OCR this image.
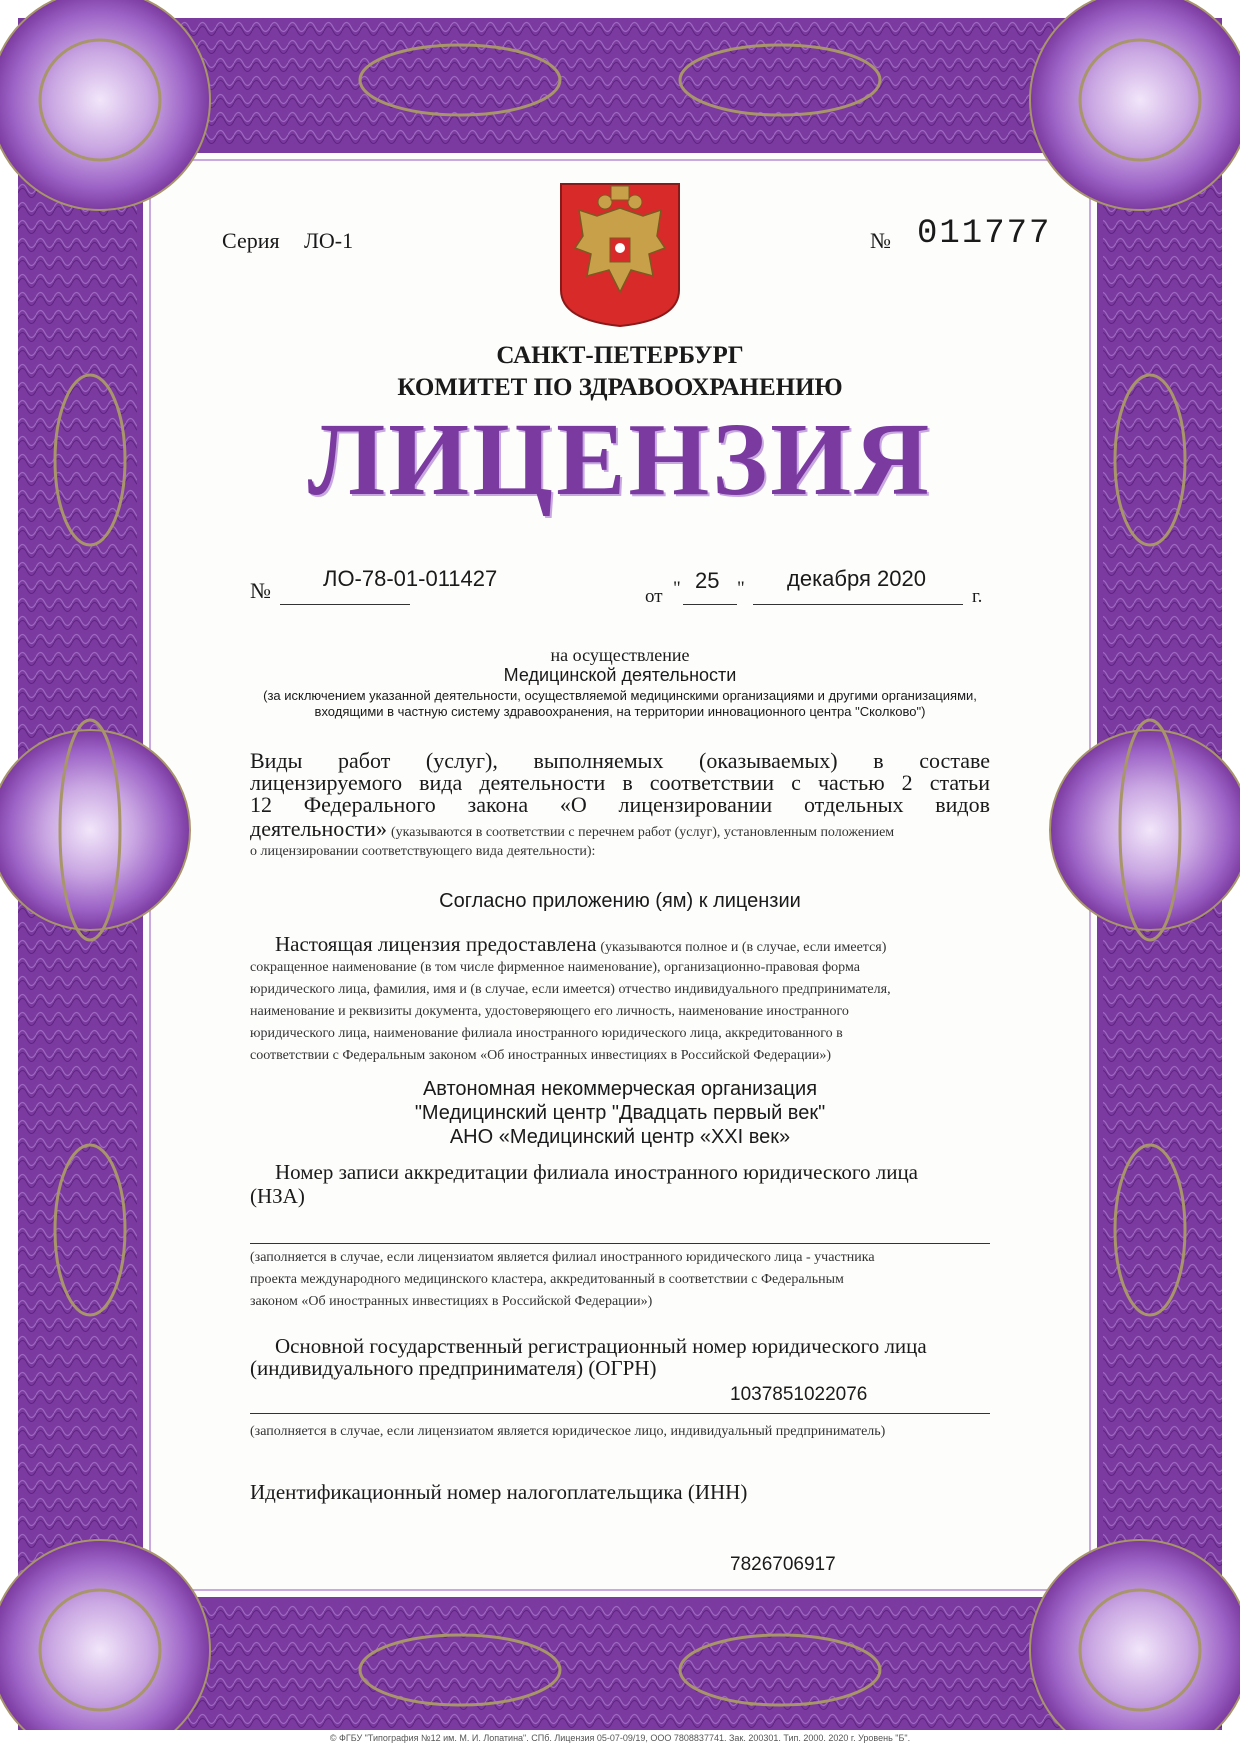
Серия ЛО-1	№ 011777

САНКТ-ПЕТЕРБУРГ

КОМИТЕТ ПО ЗДРАВООХРАНЕНИЮ

ЛИЦЕНЗИЯ

№ ЛО-78-01-011427

от " 25 " декабря 2020

г.

на осуществление

Медицинской деятельности

(за исключением указанной деятельности, осуществляемой медицинскими организациями и другими организациями,

входящими в частную систему здравоохранения, на территории инновационного центра "Сколково")

Виды работ (услуг), выполняемых (оказываемых) в составе

лицензируемого вида деятельности в соответствии с частью 2 статьи

12 Федерального закона «О лицензировании отдельных видов

деятельности» (указываются в соответствии с перечнем работ (услуг), установленным положением

о лицензировании соответствующего вида деятельности):

Согласно приложению (ям) к лицензии

Настоящая лицензия предоставлена (указываются полное и (в случае, если имеется)

сокращенное наименование (в том числе фирменное наименование), организационно-правовая форма

юридического лица, фамилия, имя и (в случае, если имеется) отчество индивидуального предпринимателя,

наименование и реквизиты документа, удостоверяющего его личность, наименование иностранного

юридического лица, наименование филиала иностранного юридического лица, аккредитованного в

соответствии с Федеральным законом «Об иностранных инвестициях в Российской Федерации»)

Автономная некоммерческая организация

"Медицинский центр "Двадцать первый век"

АНО «Медицинский центр «XXI век»

Номер записи аккредитации филиала иностранного юридического лица

(НЗА)

(заполняется в случае, если лицензиатом является филиал иностранного юридического лица - участника

проекта международного медицинского кластера, аккредитованный в соответствии с Федеральным

законом «Об иностранных инвестициях в Российской Федерации»)

Основной государственный регистрационный номер юридического лица

(индивидуального предпринимателя) (ОГРН)

1037851022076

(заполняется в случае, если лицензиатом является юридическое лицо, индивидуальный предприниматель)

Идентификационный номер налогоплательщика (ИНН)

7826706917

© ФГБУ "Типография №12 им. М. И. Лопатина". СПб. Лицензия 05-07-09/19, ООО 7808837741. Зак. 200301. Тип. 2000. 2020 г. Уровень "Б".
